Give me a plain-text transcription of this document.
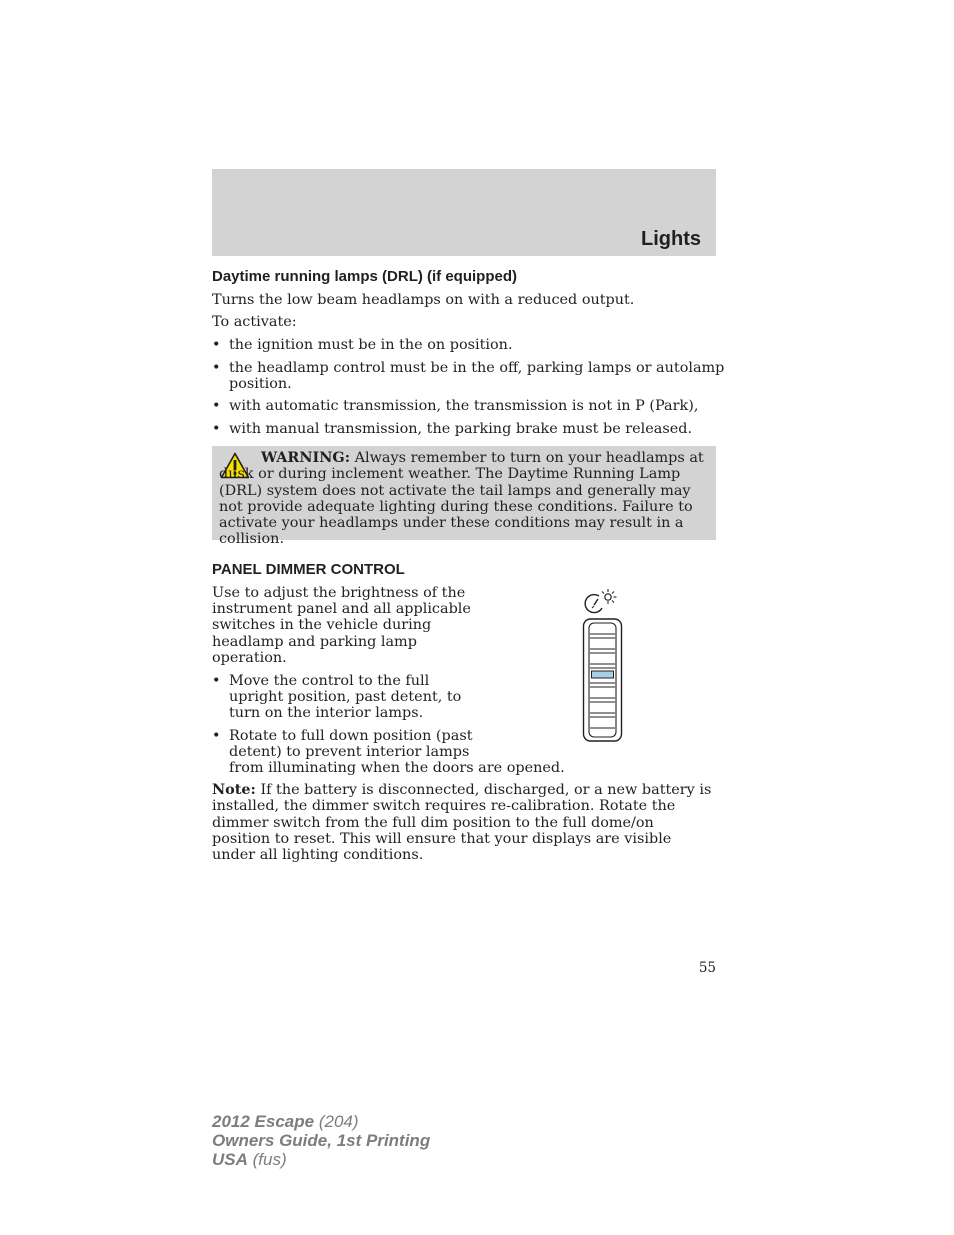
Lights
Daytime running lamps (DRL) (if equipped)

Turns the low beam headlamps on with a reduced output.

To activate:

• the ignition must be in the on position.

• the headlamp control must be in the off, parking lamps or autolamp

position.

• with automatic transmission, the transmission is not in P (Park),

• with manual transmission, the parking brake must be released.

WARNING: Always remember to turn on your headlamps at dusk or during inclement weather. The Daytime Running Lamp (DRL) system does not activate the tail lamps and generally may not provide adequate lighting during these conditions. Failure to activate your headlamps under these conditions may result in a collision.

PANEL DIMMER CONTROL

Use to adjust the brightness of the

instrument panel and all applicable

switches in the vehicle during

headlamp and parking lamp

operation.

• Move the control to the full

upright position, past detent, to

turn on the interior lamps.

• Rotate to full down position (past

detent) to prevent interior lamps

from illuminating when the doors are opened.

Note: If the battery is disconnected, discharged, or a new battery is installed, the dimmer switch requires re-calibration. Rotate the dimmer switch from the full dim position to the full dome/on position to reset. This will ensure that your displays are visible under all lighting conditions.

55
2012 Escape (204)
Owners Guide, 1st Printing
USA (fus)
